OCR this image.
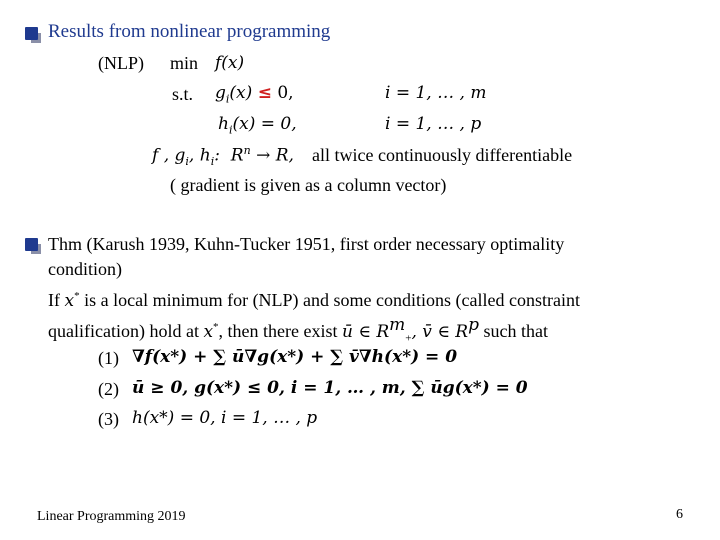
Results from nonlinear programming
(NLP) min f(x)
s.t. $g_i(x) \le 0$,	i = 1, … , m
$h_i(x) = 0$,	i = 1, … , p
f , $g_i$, $h_i$: $R^n \to R$, all twice continuously differentiable
( gradient is given as a column vector)
Thm (Karush 1939, Kuhn-Tucker 1951, first order necessary optimality
condition)
If x* is a local minimum for (NLP) and some conditions (called constraint
qualification) hold at x*, then there exist ū ∈ $R^m_+$, v̄ ∈ $R^p$ such that
(1) ∇f(x*) + ∑ ū∇g(x*) + ∑ v̄∇h(x*) = 0
(2) ū ≥ 0, g(x*) ≤ 0, i = 1, … , m, ∑ ūg(x*) = 0
(3) h(x*) = 0, i = 1, … , p
Linear Programming 2019	6
